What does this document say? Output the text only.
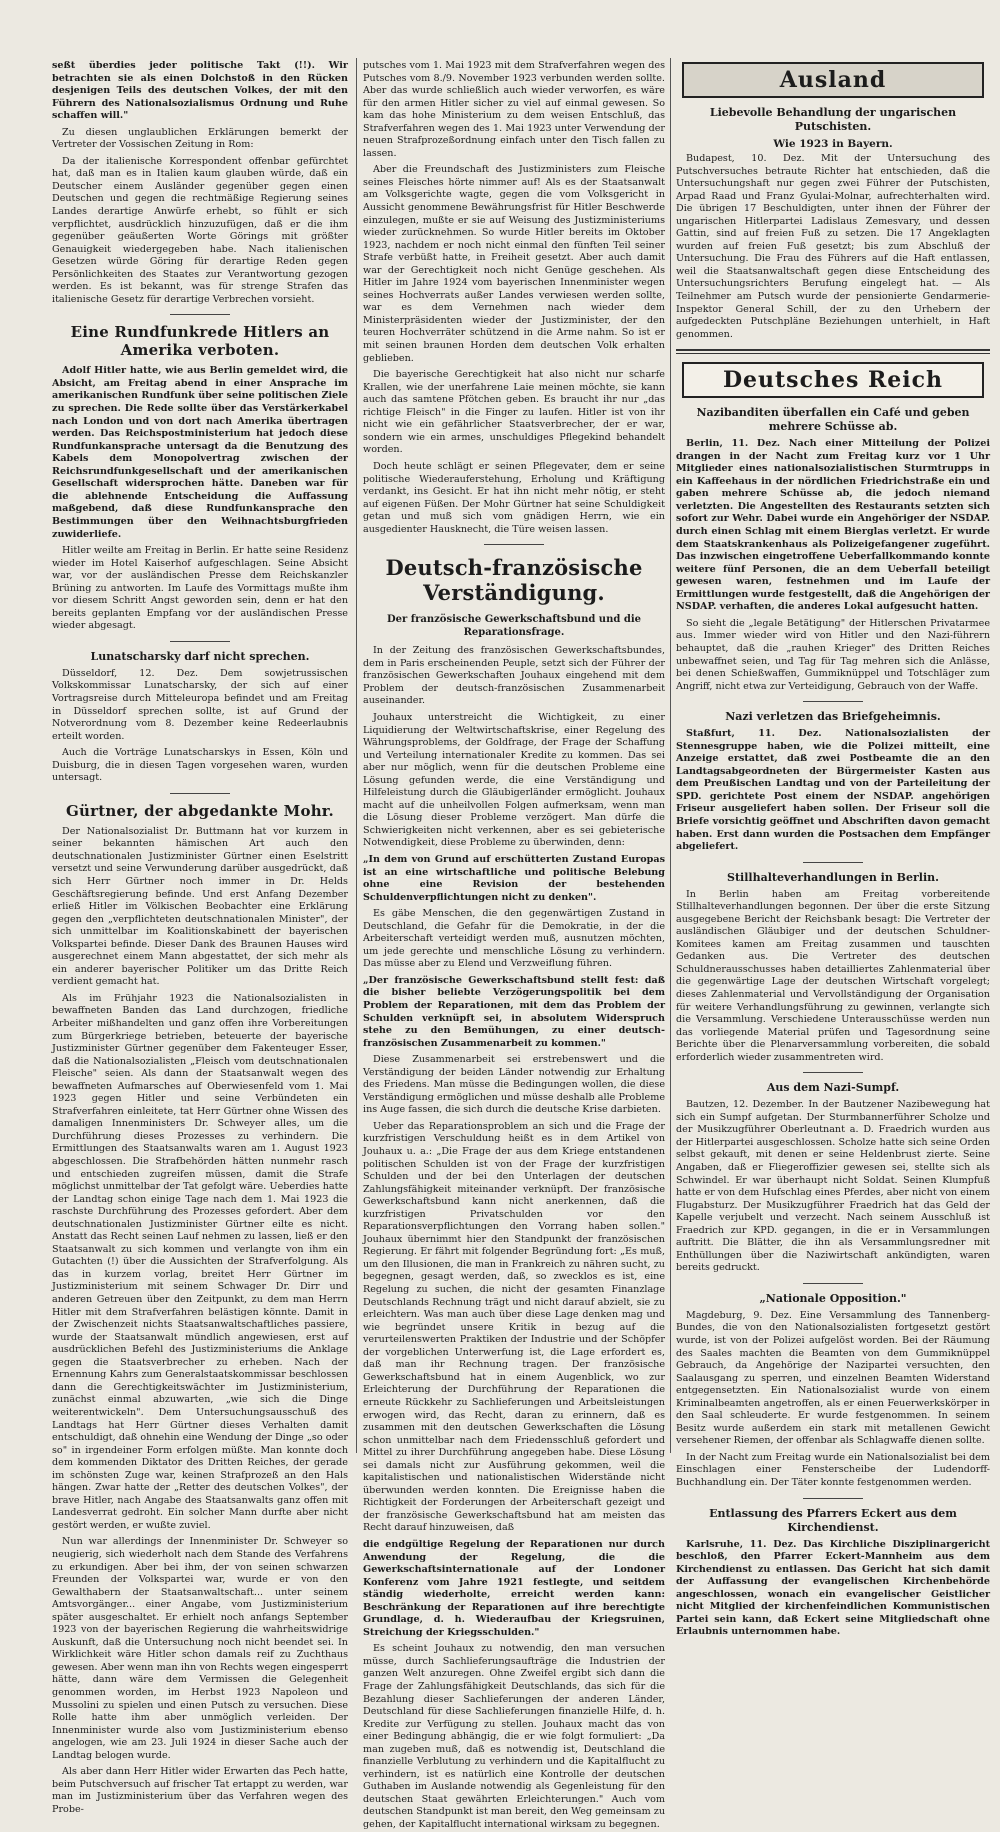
seßt überdies jeder politische Takt (!!). Wir betrachten sie als einen Dolchstoß in den Rücken desjenigen Teils des deutschen Volkes, der mit den Führern des Nationalsozialismus Ordnung und Ruhe schaffen will."

Zu diesen unglaublichen Erklärungen bemerkt der Vertreter der Vossischen Zeitung in Rom:

Da der italienische Korrespondent offenbar gefürchtet hat, daß man es in Italien kaum glauben würde, daß ein Deutscher einem Ausländer gegenüber gegen einen Deutschen und gegen die rechtmäßige Regierung seines Landes derartige Anwürfe erhebt, so fühlt er sich verpflichtet, ausdrücklich hinzuzufügen, daß er die ihm gegenüber geäußerten Worte Görings mit größter Genauigkeit wiedergegeben habe. Nach italienischen Gesetzen würde Göring für derartige Reden gegen Persönlichkeiten des Staates zur Verantwortung gezogen werden. Es ist bekannt, was für strenge Strafen das italienische Gesetz für derartige Verbrechen vorsieht.

Eine Rundfunkrede Hitlers an Amerika verboten.

Adolf Hitler hatte, wie aus Berlin gemeldet wird, die Absicht, am Freitag abend in einer Ansprache im amerikanischen Rundfunk über seine politischen Ziele zu sprechen. Die Rede sollte über das Verstärkerkabel nach London und von dort nach Amerika übertragen werden. Das Reichspostministerium hat jedoch diese Rundfunkansprache untersagt da die Benutzung des Kabels dem Monopolvertrag zwischen der Reichsrundfunkgesellschaft und der amerikanischen Gesellschaft widersprochen hätte. Daneben war für die ablehnende Entscheidung die Auffassung maßgebend, daß diese Rundfunkansprache den Bestimmungen über den Weihnachtsburgfrieden zuwiderliefe.

Hitler weilte am Freitag in Berlin. Er hatte seine Residenz wieder im Hotel Kaiserhof aufgeschlagen. Seine Absicht war, vor der ausländischen Presse dem Reichskanzler Brüning zu antworten. Im Laufe des Vormittags mußte ihm vor diesem Schritt Angst geworden sein, denn er hat den bereits geplanten Empfang vor der ausländischen Presse wieder abgesagt.

Lunatscharsky darf nicht sprechen.

Düsseldorf, 12. Dez. Dem sowjetrussischen Volkskommissar Lunatscharsky, der sich auf einer Vortragsreise durch Mitteleuropa befindet und am Freitag in Düsseldorf sprechen sollte, ist auf Grund der Notverordnung vom 8. Dezember keine Redeerlaubnis erteilt worden.

Auch die Vorträge Lunatscharskys in Essen, Köln und Duisburg, die in diesen Tagen vorgesehen waren, wurden untersagt.

Gürtner, der abgedankte Mohr.

Der Nationalsozialist Dr. Buttmann hat vor kurzem in seiner bekannten hämischen Art auch den deutschnationalen Justizminister Gürtner einen Eselstritt versetzt und seine Verwunderung darüber ausgedrückt, daß sich Herr Gürtner noch immer in Dr. Helds Geschäftsregierung befinde. Und erst Anfang Dezember erließ Hitler im Völkischen Beobachter eine Erklärung gegen den „verpflichteten deutschnationalen Minister", der sich unmittelbar im Koalitionskabinett der bayerischen Volkspartei befinde. Dieser Dank des Braunen Hauses wird ausgerechnet einem Mann abgestattet, der sich mehr als ein anderer bayerischer Politiker um das Dritte Reich verdient gemacht hat.

Als im Frühjahr 1923 die Nationalsozialisten in bewaffneten Banden das Land durchzogen, friedliche Arbeiter mißhandelten und ganz offen ihre Vorbereitungen zum Bürgerkriege betrieben, beteuerte der bayerische Justizminister Gürtner gegenüber dem Fakenteuger Esser, daß die Nationalsozialisten „Fleisch vom deutschnationalen Fleische" seien. Als dann der Staatsanwalt wegen des bewaffneten Aufmarsches auf Oberwiesenfeld vom 1. Mai 1923 gegen Hitler und seine Verbündeten ein Strafverfahren einleitete, tat Herr Gürtner ohne Wissen des damaligen Innenministers Dr. Schweyer alles, um die Durchführung dieses Prozesses zu verhindern. Die Ermittlungen des Staatsanwalts waren am 1. August 1923 abgeschlossen. Die Strafbehörden hätten nunmehr rasch und entschieden zugreifen müssen, damit die Strafe möglichst unmittelbar der Tat gefolgt wäre. Ueberdies hatte der Landtag schon einige Tage nach dem 1. Mai 1923 die raschste Durchführung des Prozesses gefordert. Aber dem deutschnationalen Justizminister Gürtner eilte es nicht. Anstatt das Recht seinen Lauf nehmen zu lassen, ließ er den Staatsanwalt zu sich kommen und verlangte von ihm ein Gutachten (!) über die Aussichten der Strafverfolgung. Als das in kurzem vorlag, breitet Herr Gürtner im Justizministerium mit seinem Schwager Dr. Dirr und anderen Getreuen über den Zeitpunkt, zu dem man Herrn Hitler mit dem Strafverfahren belästigen könnte. Damit in der Zwischenzeit nichts Staatsanwaltschaftliches passiere, wurde der Staatsanwalt mündlich angewiesen, erst auf ausdrücklichen Befehl des Justizministeriums die Anklage gegen die Staatsverbrecher zu erheben. Nach der Ernennung Kahrs zum Generalstaatskommissar beschlossen dann die Gerechtigkeitswächter im Justizministerium, zunächst einmal abzuwarten, „wie sich die Dinge weiterentwickeln". Dem Untersuchungsausschuß des Landtags hat Herr Gürtner dieses Verhalten damit entschuldigt, daß ohnehin eine Wendung der Dinge „so oder so" in irgendeiner Form erfolgen müßte. Man konnte doch dem kommenden Diktator des Dritten Reiches, der gerade im schönsten Zuge war, keinen Strafprozeß an den Hals hängen. Zwar hatte der „Retter des deutschen Volkes", der brave Hitler, nach Angabe des Staatsanwalts ganz offen mit Landesverrat gedroht. Ein solcher Mann durfte aber nicht gestört werden, er wußte zuviel.

Nun war allerdings der Innenminister Dr. Schweyer so neugierig, sich wiederholt nach dem Stande des Verfahrens zu erkundigen. Aber bei ihm, der von seinen schwarzen Freunden der Volkspartei war, wurde er von den Gewalthabern der Staatsanwaltschaft... unter seinem Amtsvorgänger... einer Angabe, vom Justizministerium später ausgeschaltet. Er erhielt noch anfangs September 1923 von der bayerischen Regierung die wahrheitswidrige Auskunft, daß die Untersuchung noch nicht beendet sei. In Wirklichkeit wäre Hitler schon damals reif zu Zuchthaus gewesen. Aber wenn man ihn von Rechts wegen eingesperrt hätte, dann wäre dem Vermissen die Gelegenheit genommen worden, im Herbst 1923 Napoleon und Mussolini zu spielen und einen Putsch zu versuchen. Diese Rolle hatte ihm aber unmöglich verleiden. Der Innenminister wurde also vom Justizministerium ebenso angelogen, wie am 23. Juli 1924 in dieser Sache auch der Landtag belogen wurde.

Als aber dann Herr Hitler wider Erwarten das Pech hatte, beim Putschversuch auf frischer Tat ertappt zu werden, war man im Justizministerium über das Verfahren wegen des Probe-

putsches vom 1. Mai 1923 mit dem Strafverfahren wegen des Putsches vom 8./9. November 1923 verbunden werden sollte. Aber das wurde schließlich auch wieder verworfen, es wäre für den armen Hitler sicher zu viel auf einmal gewesen. So kam das hohe Ministerium zu dem weisen Entschluß, das Strafverfahren wegen des 1. Mai 1923 unter Verwendung der neuen Strafprozeßordnung einfach unter den Tisch fallen zu lassen.

Aber die Freundschaft des Justizministers zum Fleische seines Fleisches hörte nimmer auf! Als es der Staatsanwalt am Volksgerichte wagte, gegen die vom Volksgericht in Aussicht genommene Bewährungsfrist für Hitler Beschwerde einzulegen, mußte er sie auf Weisung des Justizministeriums wieder zurücknehmen. So wurde Hitler bereits im Oktober 1923, nachdem er noch nicht einmal den fünften Teil seiner Strafe verbüßt hatte, in Freiheit gesetzt. Aber auch damit war der Gerechtigkeit noch nicht Genüge geschehen. Als Hitler im Jahre 1924 vom bayerischen Innenminister wegen seines Hochverrats außer Landes verwiesen werden sollte, war es dem Vernehmen nach wieder dem Ministerpräsidenten wieder der Justizminister, der den teuren Hochverräter schützend in die Arme nahm. So ist er mit seinen braunen Horden dem deutschen Volk erhalten geblieben.

Die bayerische Gerechtigkeit hat also nicht nur scharfe Krallen, wie der unerfahrene Laie meinen möchte, sie kann auch das samtene Pfötchen geben. Es braucht ihr nur „das richtige Fleisch" in die Finger zu laufen. Hitler ist von ihr nicht wie ein gefährlicher Staatsverbrecher, der er war, sondern wie ein armes, unschuldiges Pflegekind behandelt worden.

Doch heute schlägt er seinen Pflegevater, dem er seine politische Wiederauferstehung, Erholung und Kräftigung verdankt, ins Gesicht. Er hat ihn nicht mehr nötig, er steht auf eigenen Füßen. Der Mohr Gürtner hat seine Schuldigkeit getan und muß sich vom gnädigen Herrn, wie ein ausgedienter Hausknecht, die Türe weisen lassen.

Deutsch-französische Verständigung.
Der französische Gewerkschaftsbund und die Reparationsfrage.

In der Zeitung des französischen Gewerkschaftsbundes, dem in Paris erscheinenden Peuple, setzt sich der Führer der französischen Gewerkschaften Jouhaux eingehend mit dem Problem der deutsch-französischen Zusammenarbeit auseinander.

Jouhaux unterstreicht die Wichtigkeit, zu einer Liquidierung der Weltwirtschaftskrise, einer Regelung des Währungsproblems, der Goldfrage, der Frage der Schaffung und Verteilung internationaler Kredite zu kommen. Das sei aber nur möglich, wenn für die deutschen Probleme eine Lösung gefunden werde, die eine Verständigung und Hilfeleistung durch die Gläubigerländer ermöglicht. Jouhaux macht auf die unheilvollen Folgen aufmerksam, wenn man die Lösung dieser Probleme verzögert. Man dürfe die Schwierigkeiten nicht verkennen, aber es sei gebieterische Notwendigkeit, diese Probleme zu überwinden, denn:

„In dem von Grund auf erschütterten Zustand Europas ist an eine wirtschaftliche und politische Belebung ohne eine Revision der bestehenden Schuldenverpflichtungen nicht zu denken".

Es gäbe Menschen, die den gegenwärtigen Zustand in Deutschland, die Gefahr für die Demokratie, in der die Arbeiterschaft verteidigt werden muß, ausnutzen möchten, um jede gerechte und menschliche Lösung zu verhindern. Das müsse aber zu Elend und Verzweiflung führen.

„Der französische Gewerkschaftsbund stellt fest: daß die bisher beliebte Verzögerungspolitik bei dem Problem der Reparationen, mit dem das Problem der Schulden verknüpft sei, in absolutem Widerspruch stehe zu den Bemühungen, zu einer deutsch-französischen Zusammenarbeit zu kommen."

Diese Zusammenarbeit sei erstrebenswert und die Verständigung der beiden Länder notwendig zur Erhaltung des Friedens. Man müsse die Bedingungen wollen, die diese Verständigung ermöglichen und müsse deshalb alle Probleme ins Auge fassen, die sich durch die deutsche Krise darbieten.

Ueber das Reparationsproblem an sich und die Frage der kurzfristigen Verschuldung heißt es in dem Artikel von Jouhaux u. a.: „Die Frage der aus dem Kriege entstandenen politischen Schulden ist von der Frage der kurzfristigen Schulden und der bei den Unterlagen der deutschen Zahlungsfähigkeit miteinander verknüpft. Der französische Gewerkschaftsbund kann nicht anerkennen, daß die kurzfristigen Privatschulden vor den Reparationsverpflichtungen den Vorrang haben sollen." Jouhaux übernimmt hier den Standpunkt der französischen Regierung. Er fährt mit folgender Begründung fort: „Es muß, um den Illusionen, die man in Frankreich zu nähren sucht, zu begegnen, gesagt werden, daß, so zwecklos es ist, eine Regelung zu suchen, die nicht der gesamten Finanzlage Deutschlands Rechnung trägt und nicht darauf abzielt, sie zu erleichtern. Was man auch über diese Lage denken mag und wie begründet unsere Kritik in bezug auf die verurteilenswerten Praktiken der Industrie und der Schöpfer der vorgeblichen Unterwerfung ist, die Lage erfordert es, daß man ihr Rechnung tragen. Der französische Gewerkschaftsbund hat in einem Augenblick, wo zur Erleichterung der Durchführung der Reparationen die erneute Rückkehr zu Sachlieferungen und Arbeitsleistungen erwogen wird, das Recht, daran zu erinnern, daß es zusammen mit den deutschen Gewerkschaften die Lösung schon unmittelbar nach dem Friedensschluß gefordert und Mittel zu ihrer Durchführung angegeben habe. Diese Lösung sei damals nicht zur Ausführung gekommen, weil die kapitalistischen und nationalistischen Widerstände nicht überwunden werden konnten. Die Ereignisse haben die Richtigkeit der Forderungen der Arbeiterschaft gezeigt und der französische Gewerkschaftsbund hat am meisten das Recht darauf hinzuweisen, daß

die endgültige Regelung der Reparationen nur durch Anwendung der Regelung, die die Gewerkschaftsinternationale auf der Londoner Konferenz vom Jahre 1921 festlegte, und seitdem ständig wiederholte, erreicht werden kann: Beschränkung der Reparationen auf ihre berechtigte Grundlage, d. h. Wiederaufbau der Kriegsruinen, Streichung der Kriegsschulden."

Es scheint Jouhaux zu notwendig, den man versuchen müsse, durch Sachlieferungsaufträge die Industrien der ganzen Welt anzuregen. Ohne Zweifel ergibt sich dann die Frage der Zahlungsfähigkeit Deutschlands, das sich für die Bezahlung dieser Sachlieferungen der anderen Länder, Deutschland für diese Sachlieferungen finanzielle Hilfe, d. h. Kredite zur Verfügung zu stellen. Jouhaux macht das von einer Bedingung abhängig, die er wie folgt formuliert: „Da man zugeben muß, daß es notwendig ist, Deutschland die finanzielle Verblutung zu verhindern und die Kapitalflucht zu verhindern, ist es natürlich eine Kontrolle der deutschen Guthaben im Auslande notwendig als Gegenleistung für den deutschen Staat gewährten Erleichterungen." Auch vom deutschen Standpunkt ist man bereit, den Weg gemeinsam zu gehen, der Kapitalflucht international wirksam zu begegnen.

Ausland
Liebevolle Behandlung der ungarischen Putschisten.
Wie 1923 in Bayern.

Budapest, 10. Dez. Mit der Untersuchung des Putschversuches betraute Richter hat entschieden, daß die Untersuchungshaft nur gegen zwei Führer der Putschisten, Arpad Raad und Franz Gyulai-Molnar, aufrechterhalten wird. Die übrigen 17 Beschuldigten, unter ihnen der Führer der ungarischen Hitlerpartei Ladislaus Zemesvary, und dessen Gattin, sind auf freien Fuß zu setzen. Die 17 Angeklagten wurden auf freien Fuß gesetzt; bis zum Abschluß der Untersuchung. Die Frau des Führers auf die Haft entlassen, weil die Staatsanwaltschaft gegen diese Entscheidung des Untersuchungsrichters Berufung eingelegt hat. — Als Teilnehmer am Putsch wurde der pensionierte Gendarmerie-Inspektor General Schill, der zu den Urhebern der aufgedeckten Putschpläne Beziehungen unterhielt, in Haft genommen.

Deutsches Reich
Nazibanditen überfallen ein Café und geben mehrere Schüsse ab.

Berlin, 11. Dez. Nach einer Mitteilung der Polizei drangen in der Nacht zum Freitag kurz vor 1 Uhr Mitglieder eines nationalsozialistischen Sturmtrupps in ein Kaffeehaus in der nördlichen Friedrichstraße ein und gaben mehrere Schüsse ab, die jedoch niemand verletzten. Die Angestellten des Restaurants setzten sich sofort zur Wehr. Dabei wurde ein Angehöriger der NSDAP. durch einen Schlag mit einem Bierglas verletzt. Er wurde dem Staatskrankenhaus als Polizeigefangener zugeführt. Das inzwischen eingetroffene Ueberfallkommando konnte weitere fünf Personen, die an dem Ueberfall beteiligt gewesen waren, festnehmen und im Laufe der Ermittlungen wurde festgestellt, daß die Angehörigen der NSDAP. verhaften, die anderes Lokal aufgesucht hatten.

So sieht die „legale Betätigung" der Hitlerschen Privatarmee aus. Immer wieder wird von Hitler und den Nazi-führern behauptet, daß die „rauhen Krieger" des Dritten Reiches unbewaffnet seien, und Tag für Tag mehren sich die Anlässe, bei denen Schießwaffen, Gummiknüppel und Totschläger zum Angriff, nicht etwa zur Verteidigung, Gebrauch von der Waffe.

Nazi verletzen das Briefgeheimnis.

Staßfurt, 11. Dez. Nationalsozialisten der Stennesgruppe haben, wie die Polizei mitteilt, eine Anzeige erstattet, daß zwei Postbeamte die an den Landtagsabgeordneten der Bürgermeister Kasten aus dem Preußischen Landtag und von der Parteileitung der SPD. gerichtete Post einem der NSDAP. angehörigen Friseur ausgeliefert haben sollen. Der Friseur soll die Briefe vorsichtig geöffnet und Abschriften davon gemacht haben. Erst dann wurden die Postsachen dem Empfänger abgeliefert.

Stillhalteverhandlungen in Berlin.

In Berlin haben am Freitag vorbereitende Stillhalteverhandlungen begonnen. Der über die erste Sitzung ausgegebene Bericht der Reichsbank besagt: Die Vertreter der ausländischen Gläubiger und der deutschen Schuldner-Komitees kamen am Freitag zusammen und tauschten Gedanken aus. Die Vertreter des deutschen Schuldnerausschusses haben detailliertes Zahlenmaterial über die gegenwärtige Lage der deutschen Wirtschaft vorgelegt; dieses Zahlenmaterial und Vervollständigung der Organisation für weitere Verhandlungsführung zu gewinnen, verlangte sich die Versammlung. Verschiedene Unterausschüsse werden nun das vorliegende Material prüfen und Tagesordnung seine Berichte über die Plenarversammlung vorbereiten, die sobald erforderlich wieder zusammentreten wird.

Aus dem Nazi-Sumpf.

Bautzen, 12. Dezember. In der Bautzener Nazibewegung hat sich ein Sumpf aufgetan. Der Sturmbannerführer Scholze und der Musikzugführer Oberleutnant a. D. Fraedrich wurden aus der Hitlerpartei ausgeschlossen. Scholze hatte sich seine Orden selbst gekauft, mit denen er seine Heldenbrust zierte. Seine Angaben, daß er Fliegeroffizier gewesen sei, stellte sich als Schwindel. Er war überhaupt nicht Soldat. Seinen Klumpfuß hatte er von dem Hufschlag eines Pferdes, aber nicht von einem Flugabsturz. Der Musikzugführer Fraedrich hat das Geld der Kapelle verjubelt und verzecht. Nach seinem Ausschluß ist Fraedrich zur KPD. gegangen, in die er in Versammlungen auftritt. Die Blätter, die ihn als Versammlungsredner mit Enthüllungen über die Naziwirtschaft ankündigten, waren bereits gedruckt.

„Nationale Opposition."

Magdeburg, 9. Dez. Eine Versammlung des Tannenberg-Bundes, die von den Nationalsozialisten fortgesetzt gestört wurde, ist von der Polizei aufgelöst worden. Bei der Räumung des Saales machten die Beamten von dem Gummiknüppel Gebrauch, da Angehörige der Nazipartei versuchten, den Saalausgang zu sperren, und einzelnen Beamten Widerstand entgegensetzten. Ein Nationalsozialist wurde von einem Kriminalbeamten angetroffen, als er einen Feuerwerkskörper in den Saal schleuderte. Er wurde festgenommen. In seinem Besitz wurde außerdem ein stark mit metallenen Gewicht versehener Riemen, der offenbar als Schlagwaffe dienen sollte.

In der Nacht zum Freitag wurde ein Nationalsozialist bei dem Einschlagen einer Fensterscheibe der Ludendorff-Buchhandlung ein. Der Täter konnte festgenommen werden.

Entlassung des Pfarrers Eckert aus dem Kirchendienst.

Karlsruhe, 11. Dez. Das Kirchliche Disziplinargericht beschloß, den Pfarrer Eckert-Mannheim aus dem Kirchendienst zu entlassen. Das Gericht hat sich damit der Auffassung der evangelischen Kirchenbehörde angeschlossen, wonach ein evangelischer Geistlicher nicht Mitglied der kirchenfeindlichen Kommunistischen Partei sein kann, daß Eckert seine Mitgliedschaft ohne Erlaubnis unternommen habe.
